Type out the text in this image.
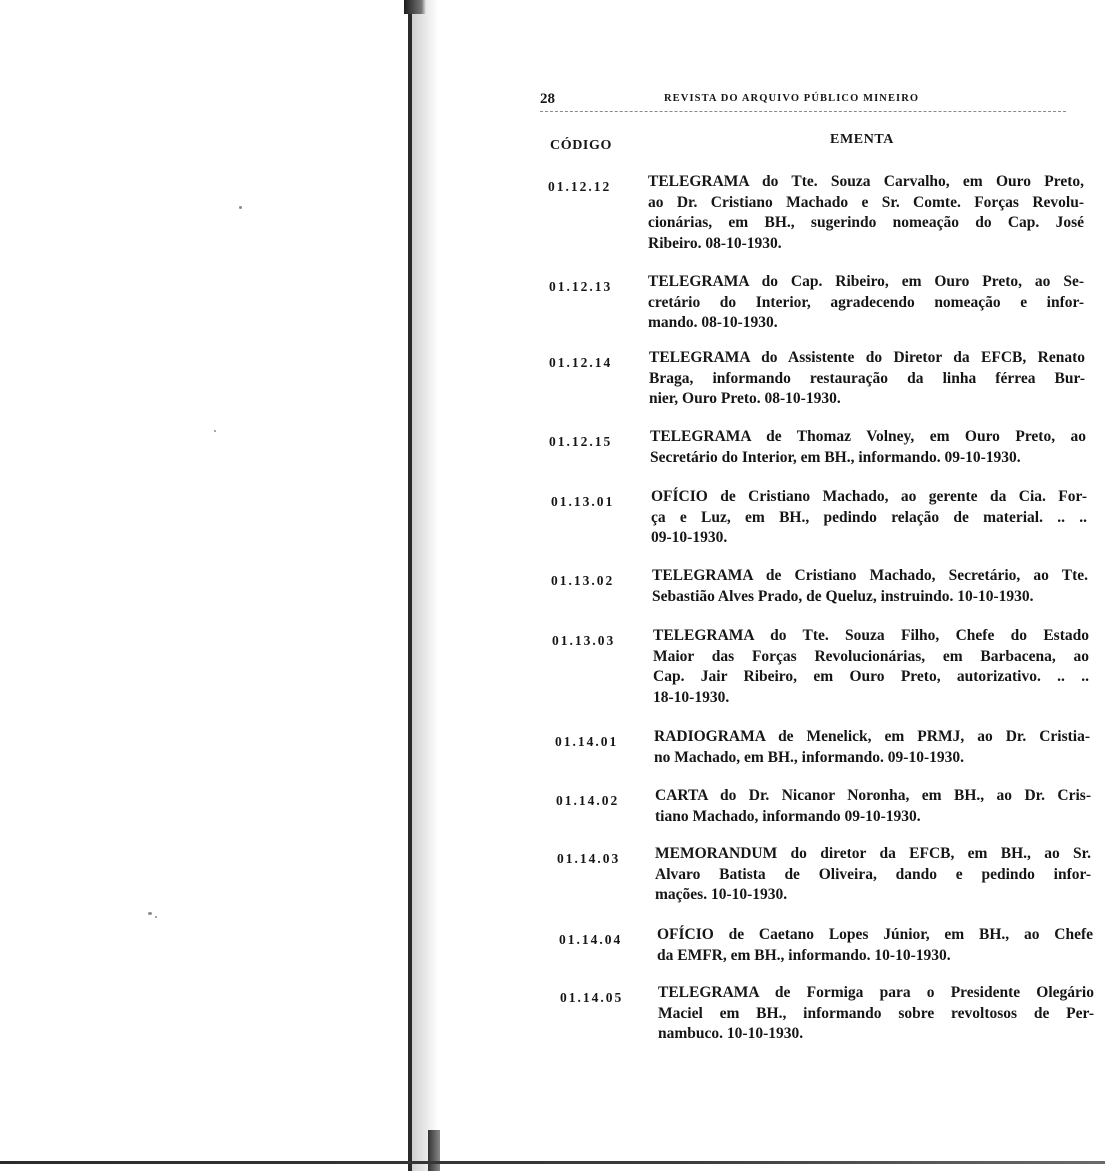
28	REVISTA DO ARQUIVO PÚBLICO MINEIRO
CÓDIGO	EMENTA
01.12.12 TELEGRAMA do Tte. Souza Carvalho, em Ouro Preto,
ao Dr. Cristiano Machado e Sr. Comte. Forças Revolu-
cionárias, em BH., sugerindo nomeação do Cap. José
Ribeiro. 08-10-1930.
01.12.13 TELEGRAMA do Cap. Ribeiro, em Ouro Preto, ao Se-
cretário do Interior, agradecendo nomeação e infor-
mando. 08-10-1930.
01.12.14 TELEGRAMA do Assistente do Diretor da EFCB, Renato
Braga, informando restauração da linha férrea Bur-
nier, Ouro Preto. 08-10-1930.
01.12.15 TELEGRAMA de Thomaz Volney, em Ouro Preto, ao
Secretário do Interior, em BH., informando. 09-10-1930.
01.13.01 OFÍCIO de Cristiano Machado, ao gerente da Cia. For-
ça e Luz, em BH., pedindo relação de material. .. ..
09-10-1930.
01.13.02 TELEGRAMA de Cristiano Machado, Secretário, ao Tte.
Sebastião Alves Prado, de Queluz, instruindo. 10-10-1930.
01.13.03 TELEGRAMA do Tte. Souza Filho, Chefe do Estado
Maior das Forças Revolucionárias, em Barbacena, ao
Cap. Jair Ribeiro, em Ouro Preto, autorizativo. .. ..
18-10-1930.
01.14.01 RADIOGRAMA de Menelick, em PRMJ, ao Dr. Cristia-
no Machado, em BH., informando. 09-10-1930.
01.14.02 CARTA do Dr. Nicanor Noronha, em BH., ao Dr. Cris-
tiano Machado, informando 09-10-1930.
01.14.03 MEMORANDUM do diretor da EFCB, em BH., ao Sr.
Alvaro Batista de Oliveira, dando e pedindo infor-
mações. 10-10-1930.
01.14.04 OFÍCIO de Caetano Lopes Júnior, em BH., ao Chefe
da EMFR, em BH., informando. 10-10-1930.
01.14.05 TELEGRAMA de Formiga para o Presidente Olegário
Maciel em BH., informando sobre revoltosos de Per-
nambuco. 10-10-1930.
